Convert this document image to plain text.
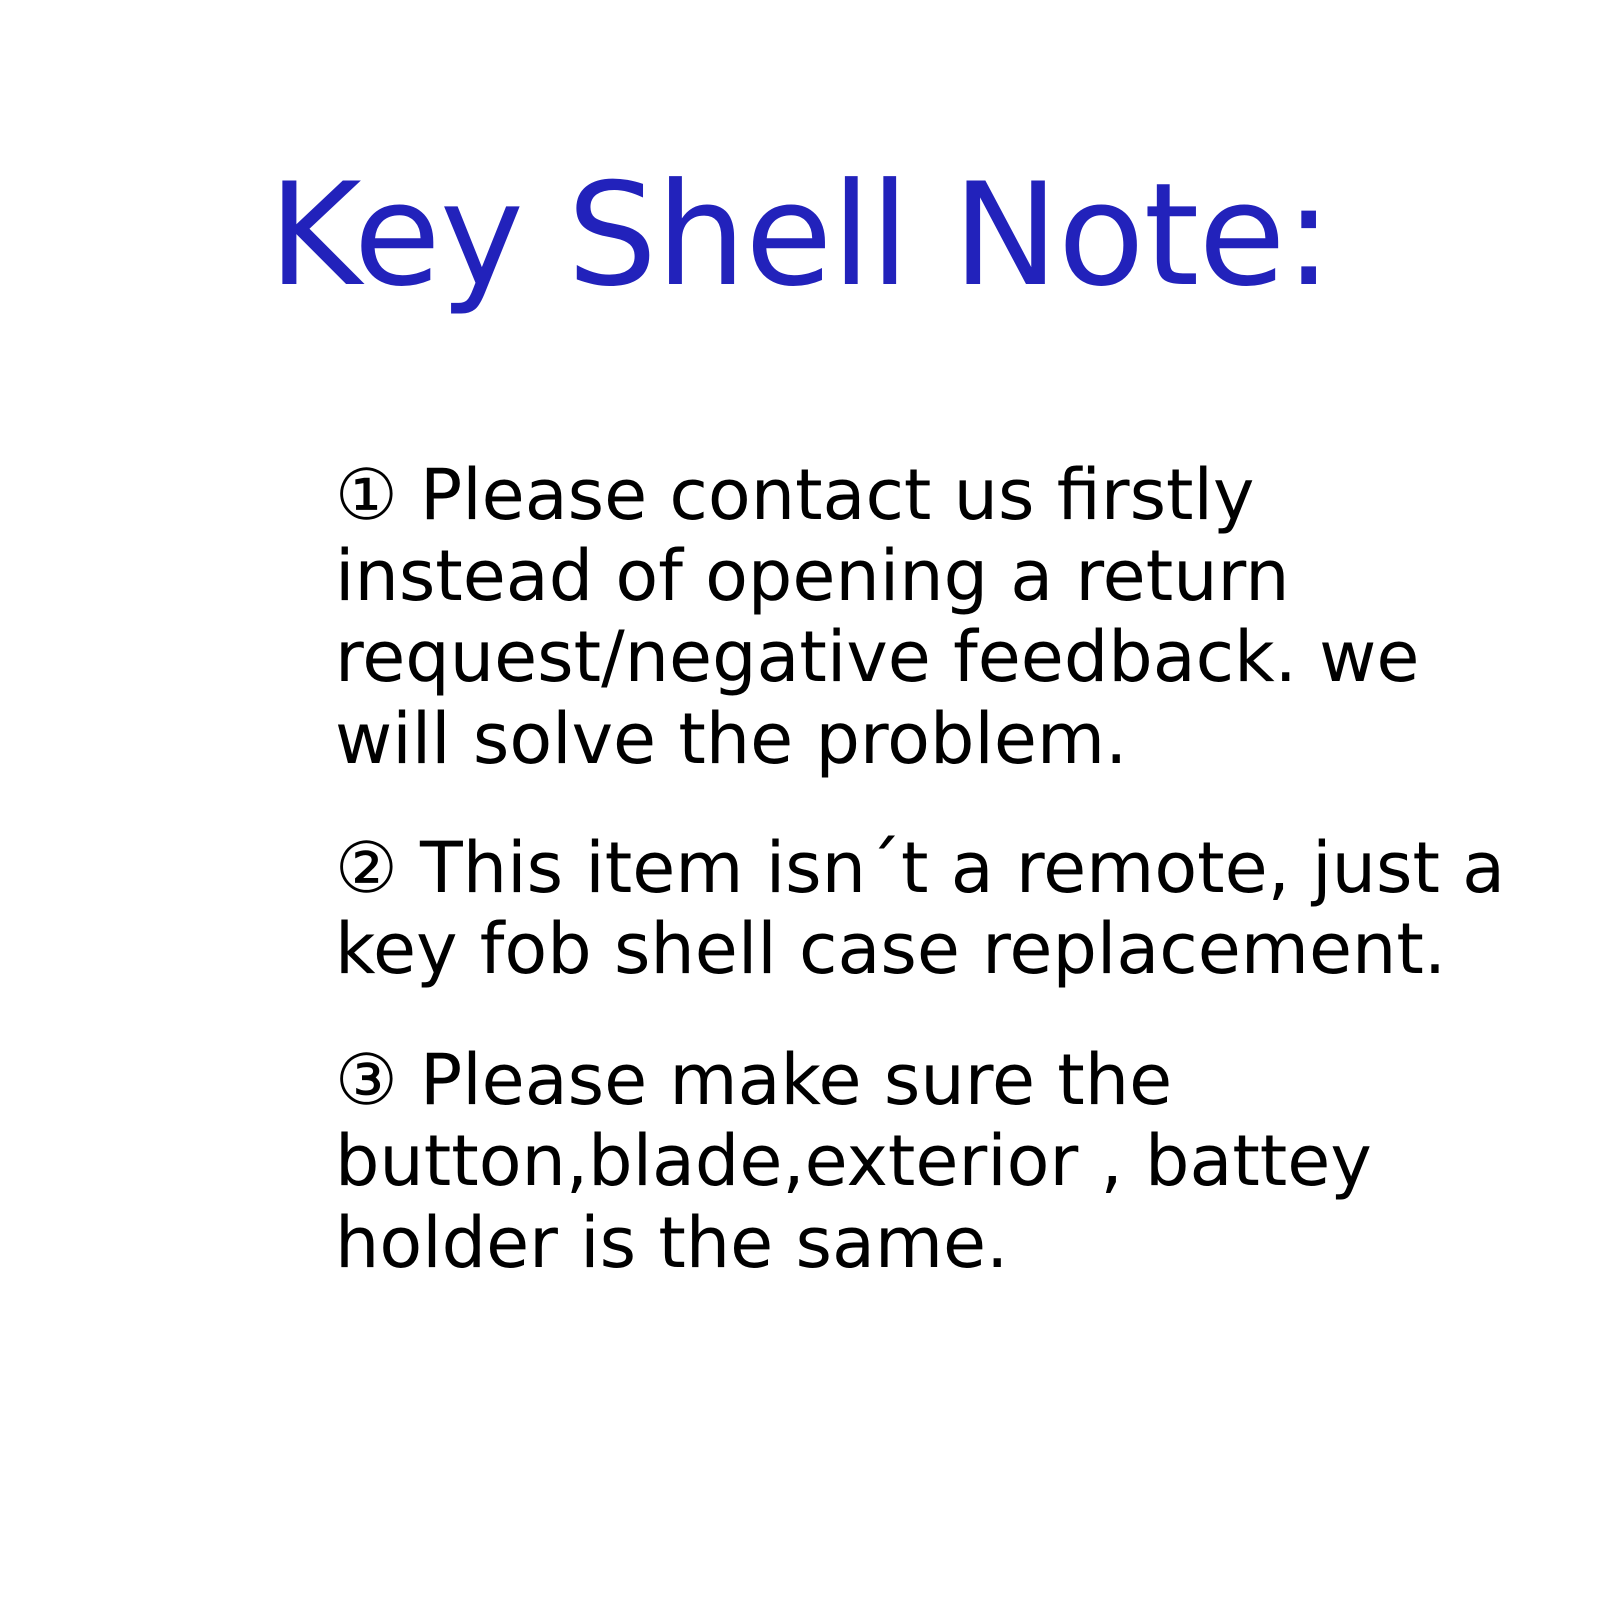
Key Shell Note:
① Please contact us firstly instead of opening a return request/negative feedback. we will solve the problem.
② This item isn´t a remote, just a key fob shell case replacement.
③ Please make sure the button,blade,exterior , battey holder is the same.
